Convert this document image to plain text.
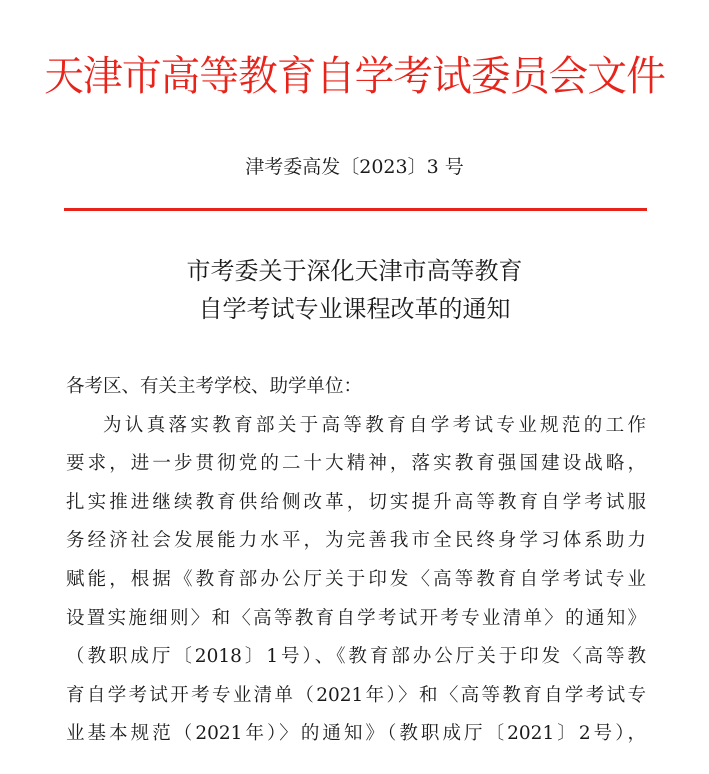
天津市高等教育自学考试委员会文件
津考委高发〔2023〕3 号
市考委关于深化天津市高等教育
自学考试专业课程改革的通知
各考区、有关主考学校、助学单位：
为认真落实教育部关于高等教育自学考试专业规范的工作
要求，进一步贯彻党的二十大精神，落实教育强国建设战略，
扎实推进继续教育供给侧改革，切实提升高等教育自学考试服
务经济社会发展能力水平，为完善我市全民终身学习体系助力
赋能，根据《教育部办公厅关于印发〈高等教育自学考试专业
设置实施细则〉和〈高等教育自学考试开考专业清单〉的通知》
（教职成厅〔2018〕1号）、《教育部办公厅关于印发〈高等教
育自学考试开考专业清单（2021年）〉和〈高等教育自学考试专
业基本规范（2021年）〉的通知》（教职成厅〔2021〕2号），
